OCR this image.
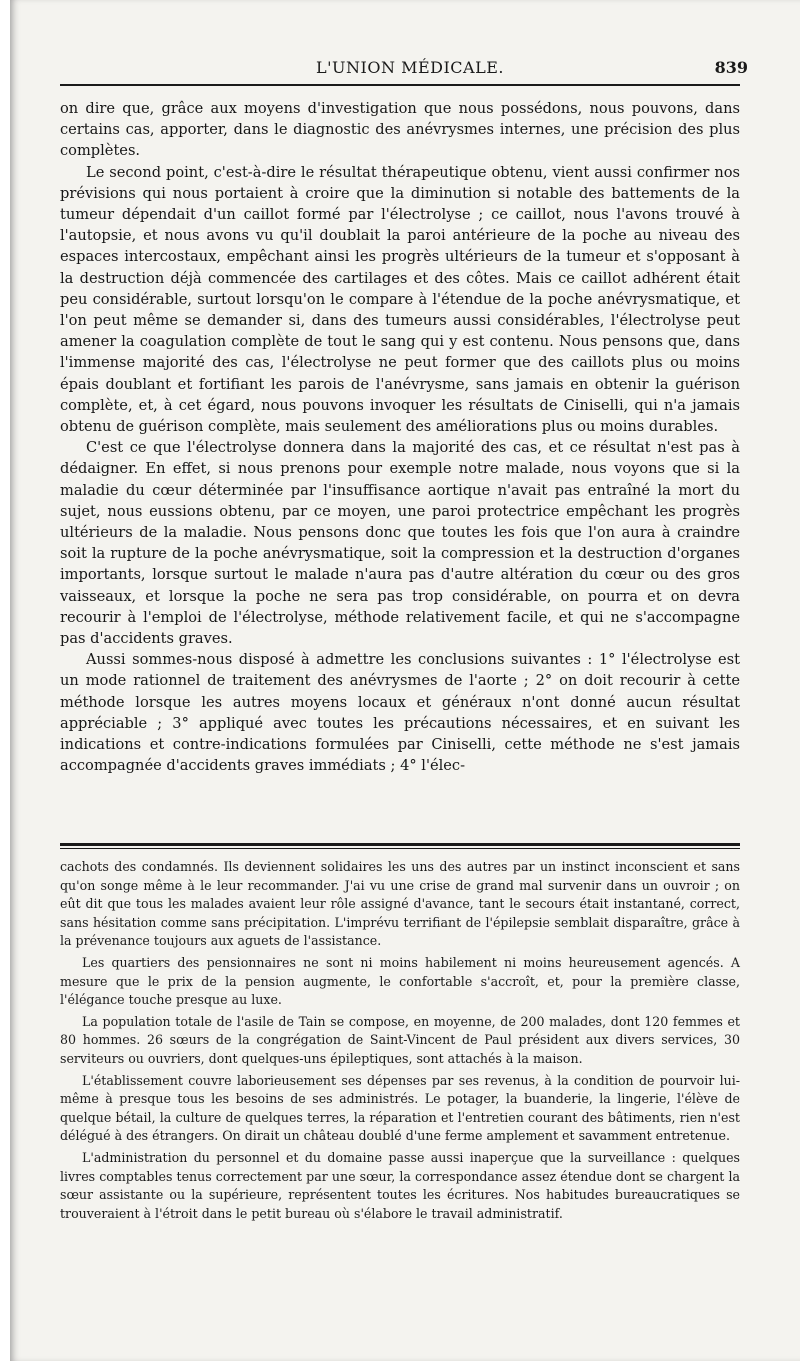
L'UNION MÉDICALE.	839

on dire que, grâce aux moyens d'investigation que nous possédons, nous pouvons, dans certains cas, apporter, dans le diagnostic des anévrysmes internes, une précision des plus complètes.

Le second point, c'est-à-dire le résultat thérapeutique obtenu, vient aussi confirmer nos prévisions qui nous portaient à croire que la diminution si notable des battements de la tumeur dépendait d'un caillot formé par l'électrolyse ; ce caillot, nous l'avons trouvé à l'autopsie, et nous avons vu qu'il doublait la paroi antérieure de la poche au niveau des espaces intercostaux, empêchant ainsi les progrès ultérieurs de la tumeur et s'opposant à la destruction déjà commencée des cartilages et des côtes. Mais ce caillot adhérent était peu considérable, surtout lorsqu'on le compare à l'étendue de la poche anévrysmatique, et l'on peut même se demander si, dans des tumeurs aussi considérables, l'électrolyse peut amener la coagulation complète de tout le sang qui y est contenu. Nous pensons que, dans l'immense majorité des cas, l'électrolyse ne peut former que des caillots plus ou moins épais doublant et fortifiant les parois de l'anévrysme, sans jamais en obtenir la guérison complète, et, à cet égard, nous pouvons invoquer les résultats de Ciniselli, qui n'a jamais obtenu de guérison complète, mais seulement des améliorations plus ou moins durables.

C'est ce que l'électrolyse donnera dans la majorité des cas, et ce résultat n'est pas à dédaigner. En effet, si nous prenons pour exemple notre malade, nous voyons que si la maladie du cœur déterminée par l'insuffisance aortique n'avait pas entraîné la mort du sujet, nous eussions obtenu, par ce moyen, une paroi protectrice empêchant les progrès ultérieurs de la maladie. Nous pensons donc que toutes les fois que l'on aura à craindre soit la rupture de la poche anévrysmatique, soit la compression et la destruction d'organes importants, lorsque surtout le malade n'aura pas d'autre altération du cœur ou des gros vaisseaux, et lorsque la poche ne sera pas trop considérable, on pourra et on devra recourir à l'emploi de l'électrolyse, méthode relativement facile, et qui ne s'accompagne pas d'accidents graves.

Aussi sommes-nous disposé à admettre les conclusions suivantes : 1° l'électrolyse est un mode rationnel de traitement des anévrysmes de l'aorte ; 2° on doit recourir à cette méthode lorsque les autres moyens locaux et généraux n'ont donné aucun résultat appréciable ; 3° appliqué avec toutes les précautions nécessaires, et en suivant les indications et contre-indications formulées par Ciniselli, cette méthode ne s'est jamais accompagnée d'accidents graves immédiats ; 4° l'élec-

cachots des condamnés. Ils deviennent solidaires les uns des autres par un instinct inconscient et sans qu'on songe même à le leur recommander. J'ai vu une crise de grand mal survenir dans un ouvroir ; on eût dit que tous les malades avaient leur rôle assigné d'avance, tant le secours était instantané, correct, sans hésitation comme sans précipitation. L'imprévu terrifiant de l'épilepsie semblait disparaître, grâce à la prévenance toujours aux aguets de l'assistance.

Les quartiers des pensionnaires ne sont ni moins habilement ni moins heureusement agencés. A mesure que le prix de la pension augmente, le confortable s'accroît, et, pour la première classe, l'élégance touche presque au luxe.

La population totale de l'asile de Tain se compose, en moyenne, de 200 malades, dont 120 femmes et 80 hommes. 26 sœurs de la congrégation de Saint-Vincent de Paul président aux divers services, 30 serviteurs ou ouvriers, dont quelques-uns épileptiques, sont attachés à la maison.

L'établissement couvre laborieusement ses dépenses par ses revenus, à la condition de pourvoir lui-même à presque tous les besoins de ses administrés. Le potager, la buanderie, la lingerie, l'élève de quelque bétail, la culture de quelques terres, la réparation et l'entretien courant des bâtiments, rien n'est délégué à des étrangers. On dirait un château doublé d'une ferme amplement et savamment entretenue.

L'administration du personnel et du domaine passe aussi inaperçue que la surveillance : quelques livres comptables tenus correctement par une sœur, la correspondance assez étendue dont se chargent la sœur assistante ou la supérieure, représentent toutes les écritures. Nos habitudes bureaucratiques se trouveraient à l'étroit dans le petit bureau où s'élabore le travail administratif.
